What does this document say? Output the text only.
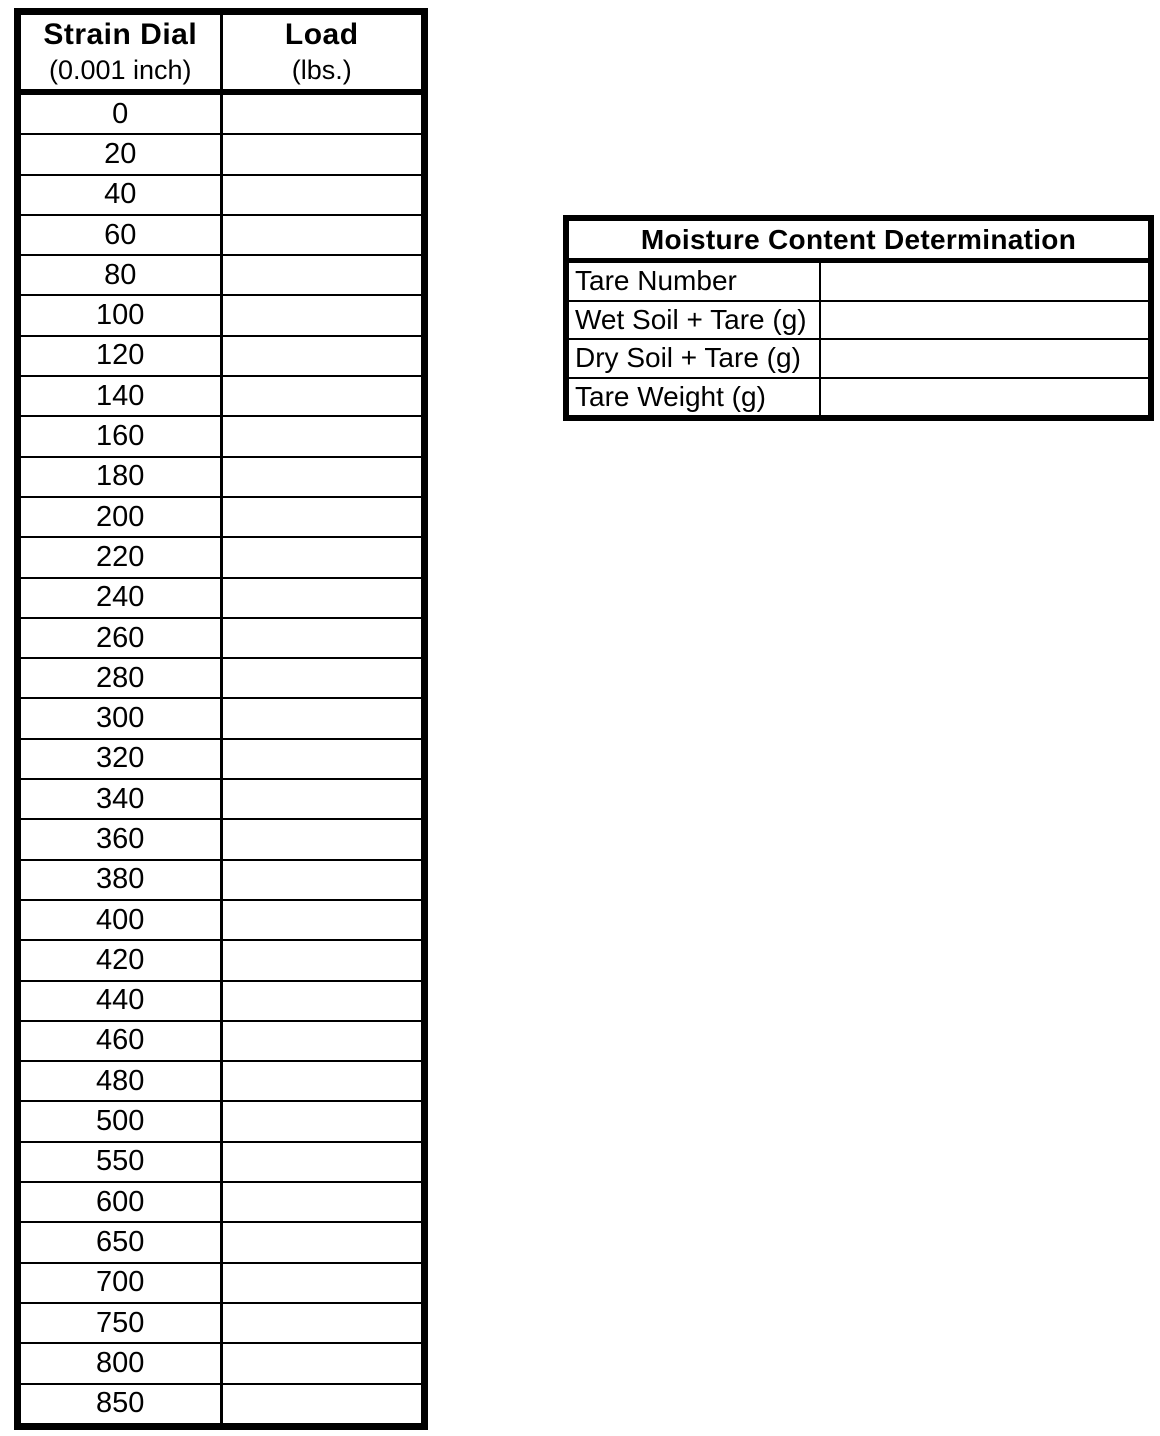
Strain Dial
(0.001 inch)
Load
(lbs.)
0
20
40
60
80
100
120
140
160
180
200
220
240
260
280
300
320
340
360
380
400
420
440
460
480
500
550
600
650
700
750
800
850
Moisture Content Determination
Tare Number
Wet Soil + Tare (g)
Dry Soil + Tare (g)
Tare Weight (g)
